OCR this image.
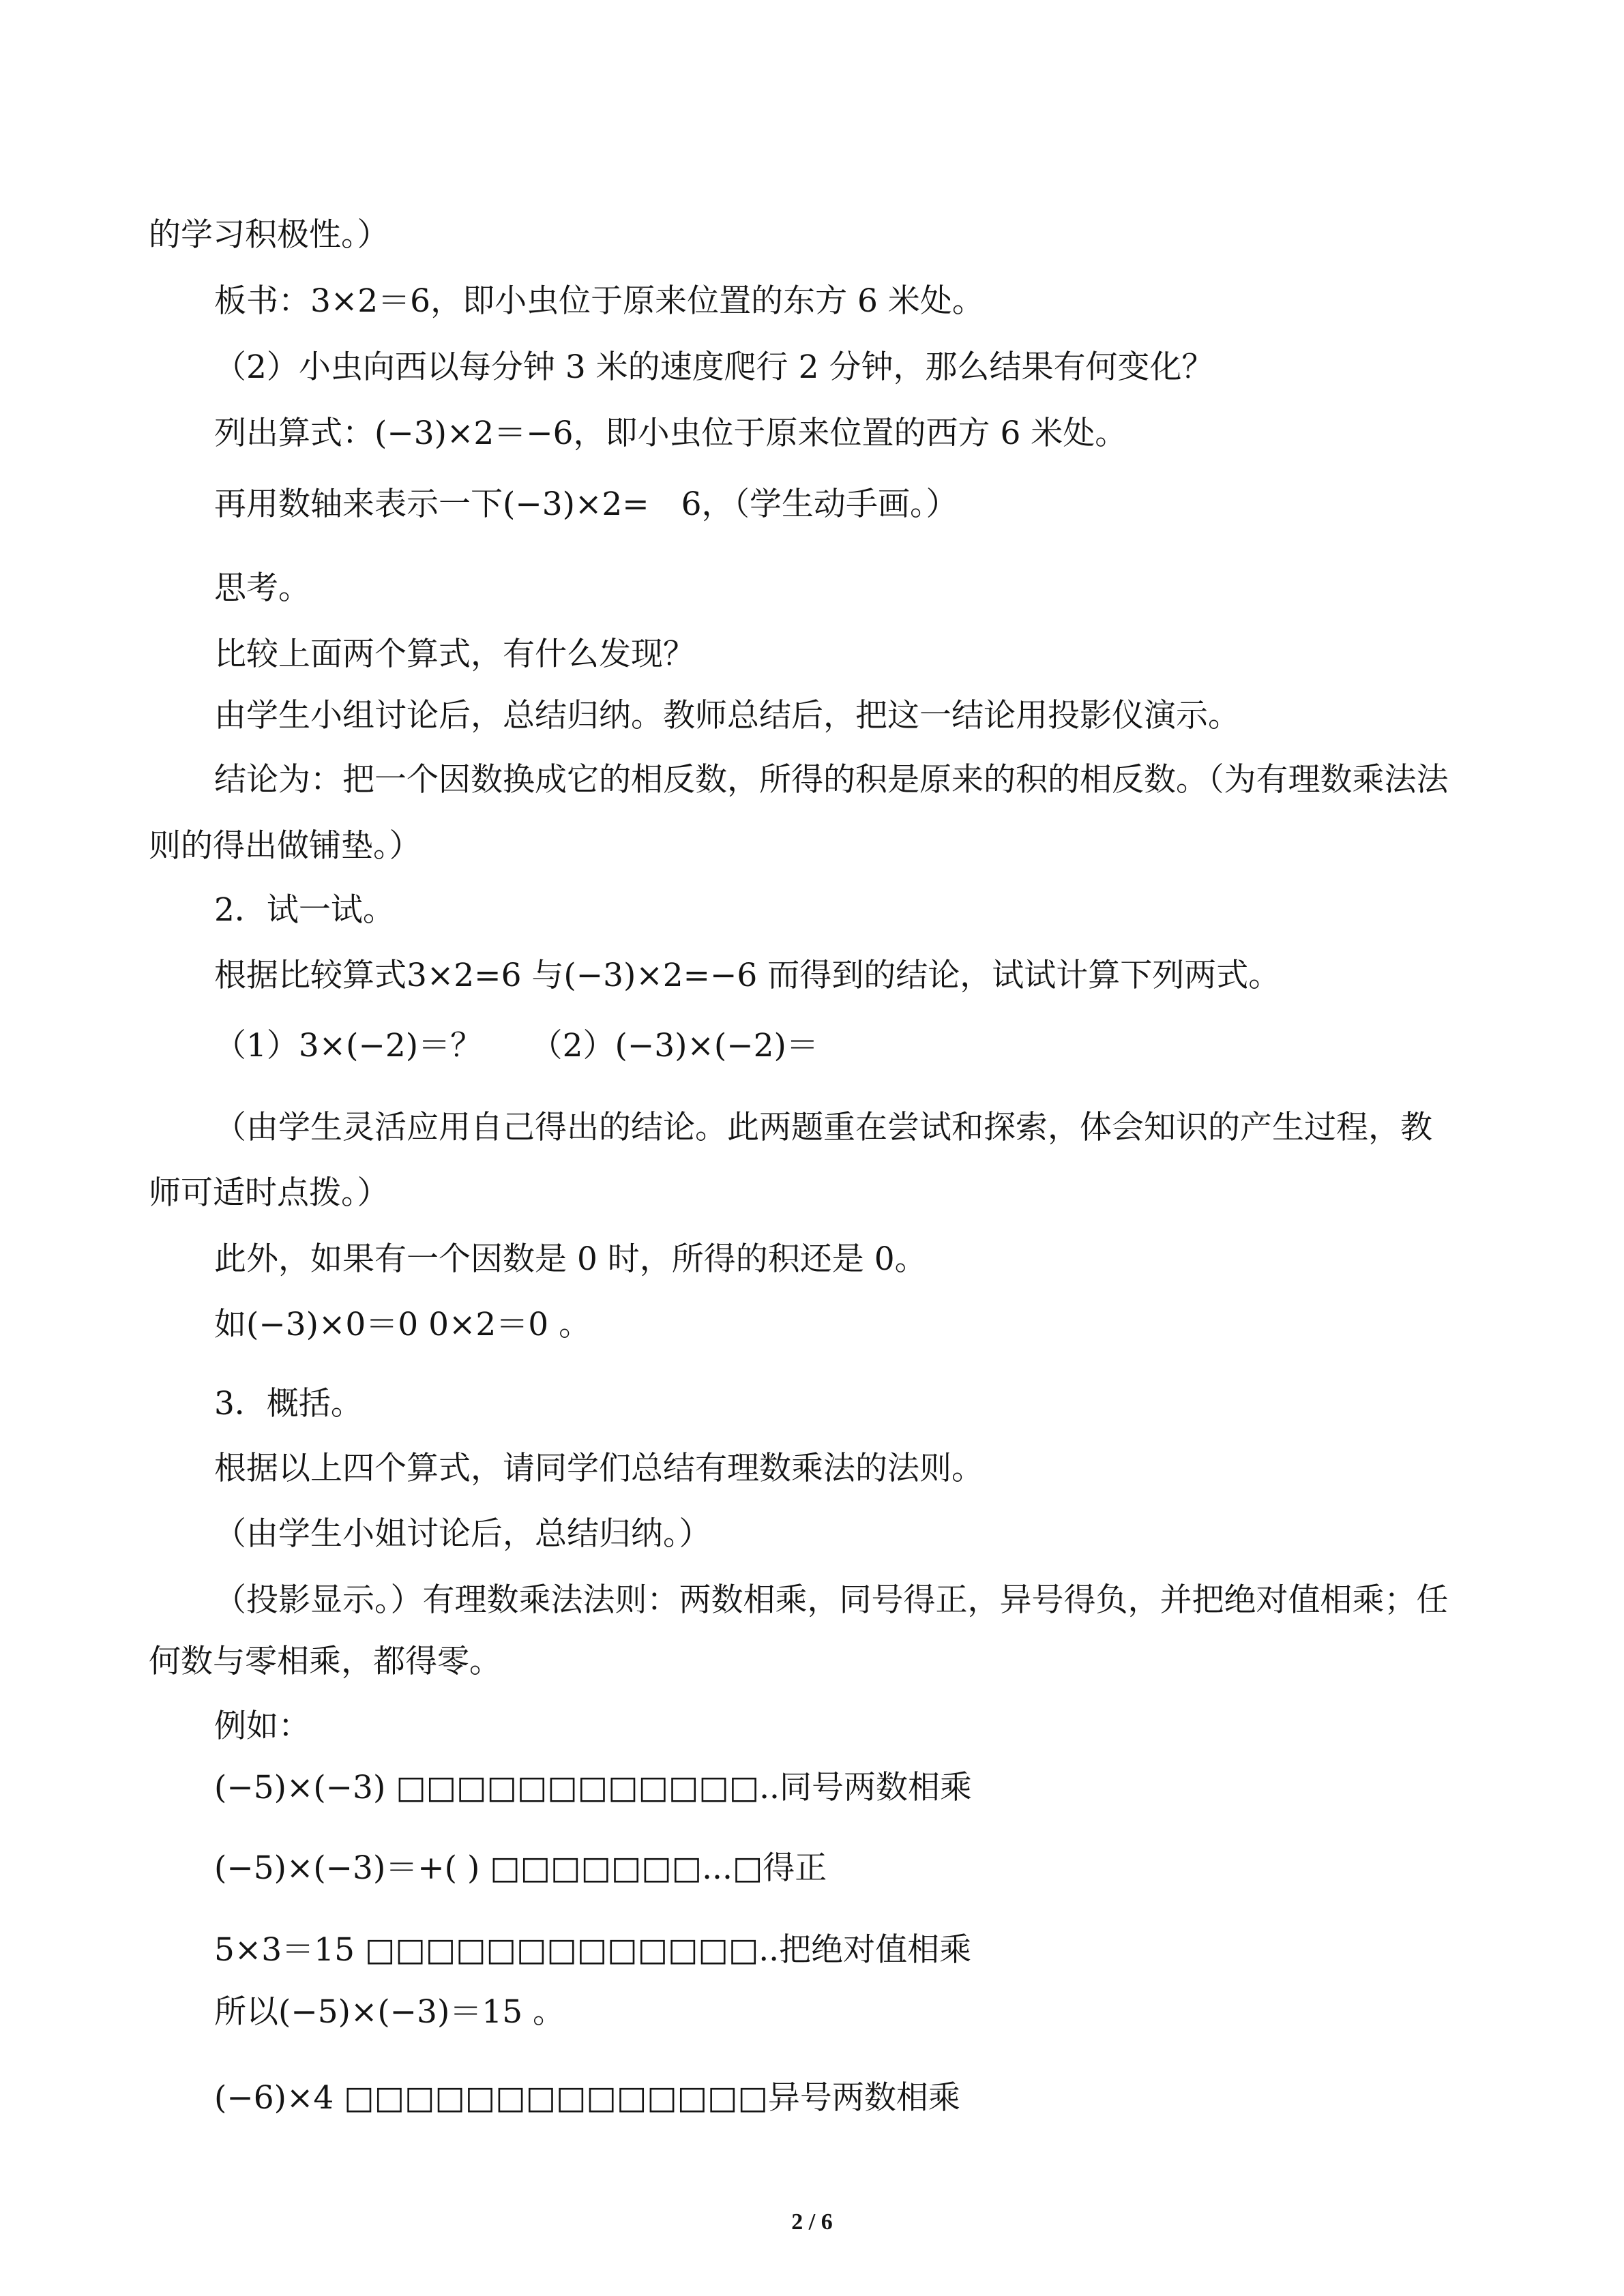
的学习积极性。）
板书：3×2＝6，即小虫位于原来位置的东方 6 米处。
（2）小虫向西以每分钟 3 米的速度爬行 2 分钟，那么结果有何变化？
列出算式：(−3)×2＝−6，即小虫位于原来位置的西方 6 米处。
再用数轴来表示一下(−3)×2=　6，（学生动手画。）
思考。
比较上面两个算式，有什么发现？
由学生小组讨论后，总结归纳。教师总结后，把这一结论用投影仪演示。
结论为：把一个因数换成它的相反数，所得的积是原来的积的相反数。（为有理数乘法法
则的得出做铺垫。）
2．试一试。
根据比较算式3×2=6 与(−3)×2=−6 而得到的结论，试试计算下列两式。
（1）3×(−2)＝？　　（2）(−3)×(−2)＝
（由学生灵活应用自己得出的结论。此两题重在尝试和探索，体会知识的产生过程，教
师可适时点拨。）
此外，如果有一个因数是 0 时，所得的积还是 0。
如(−3)×0＝0 0×2＝0 。
3．概括。
根据以上四个算式，请同学们总结有理数乘法的法则。
（由学生小姐讨论后，总结归纳。）
（投影显示。）有理数乘法法则：两数相乘，同号得正，异号得负，并把绝对值相乘；任
何数与零相乘，都得零。
例如：
(−5)×(−3) □□□□□□□□□□□□..同号两数相乘
(−5)×(−3)＝+( ) □□□□□□□...□得正
5×3＝15 □□□□□□□□□□□□□..把绝对值相乘
所以(−5)×(−3)＝15 。
(−6)×4 □□□□□□□□□□□□□□异号两数相乘
2 / 6
